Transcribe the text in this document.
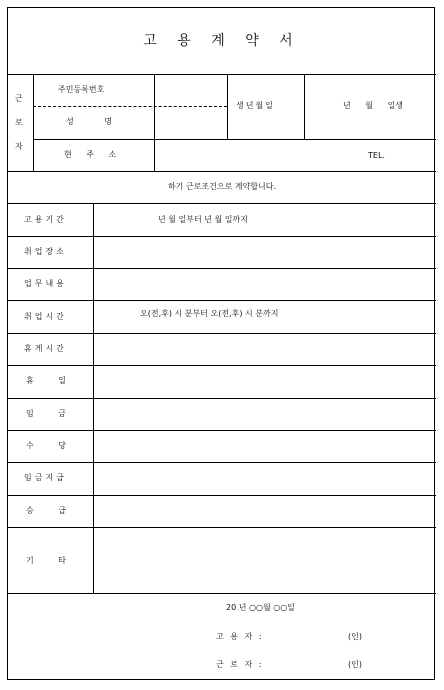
고 용 계 약 서
근
로
자
주민등록번호
성 명
생년월일	년 월 일생
현 주 소	TEL.
하기 근로조건으로 계약합니다.
고용기간	년 월 일부터 년 월 일까지
취업장소
업무내용
취업시간	오(전,후) 시 분부터 오(전,후) 시 분까지
휴게시간
휴 일
임 금
수 당
임금지급
승 급
기 타
20 년 ○○월 ○○일
고 용 자 :	(인)
근 로 자 :	(인)
